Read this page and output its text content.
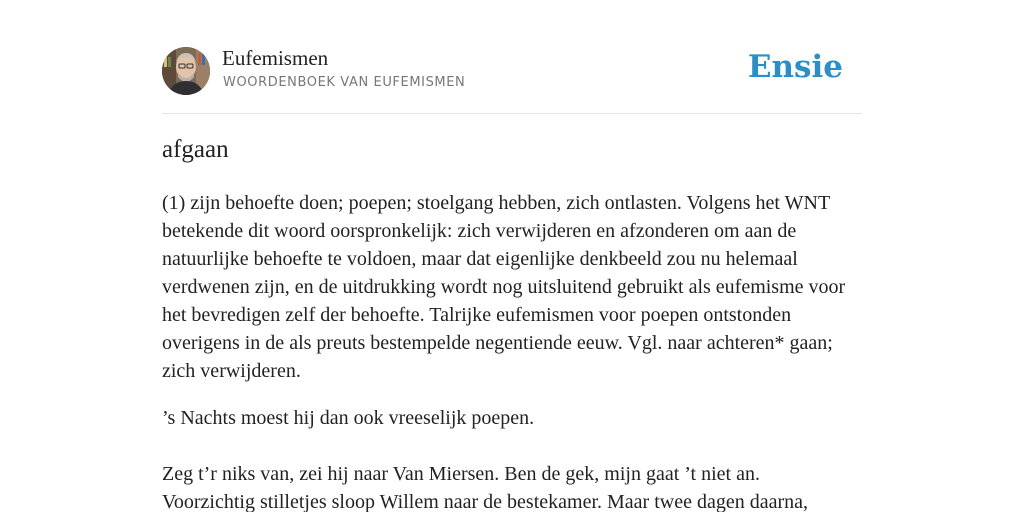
Eufemismen
WOORDENBOEK VAN EUFEMISMEN	Ensie
afgaan

(1) zijn behoefte doen; poepen; stoelgang hebben, zich ontlasten. Volgens het WNT betekende dit woord oorspronkelijk: zich verwijderen en afzonderen om aan de natuurlijke behoefte te voldoen, maar dat eigenlijke denkbeeld zou nu helemaal verdwenen zijn, en de uitdrukking wordt nog uitsluitend gebruikt als eufemisme voor het bevredigen zelf der behoefte. Talrijke eufemismen voor poepen ontstonden overigens in de als preuts bestempelde negentiende eeuw. Vgl. naar achteren* gaan; zich verwijderen.

’s Nachts moest hij dan ook vreeselijk poepen.

Zeg t’r niks van, zei hij naar Van Miersen. Ben de gek, mijn gaat ’t niet an.
Voorzichtig stilletjes sloop Willem naar de bestekamer. Maar twee dagen daarna,
